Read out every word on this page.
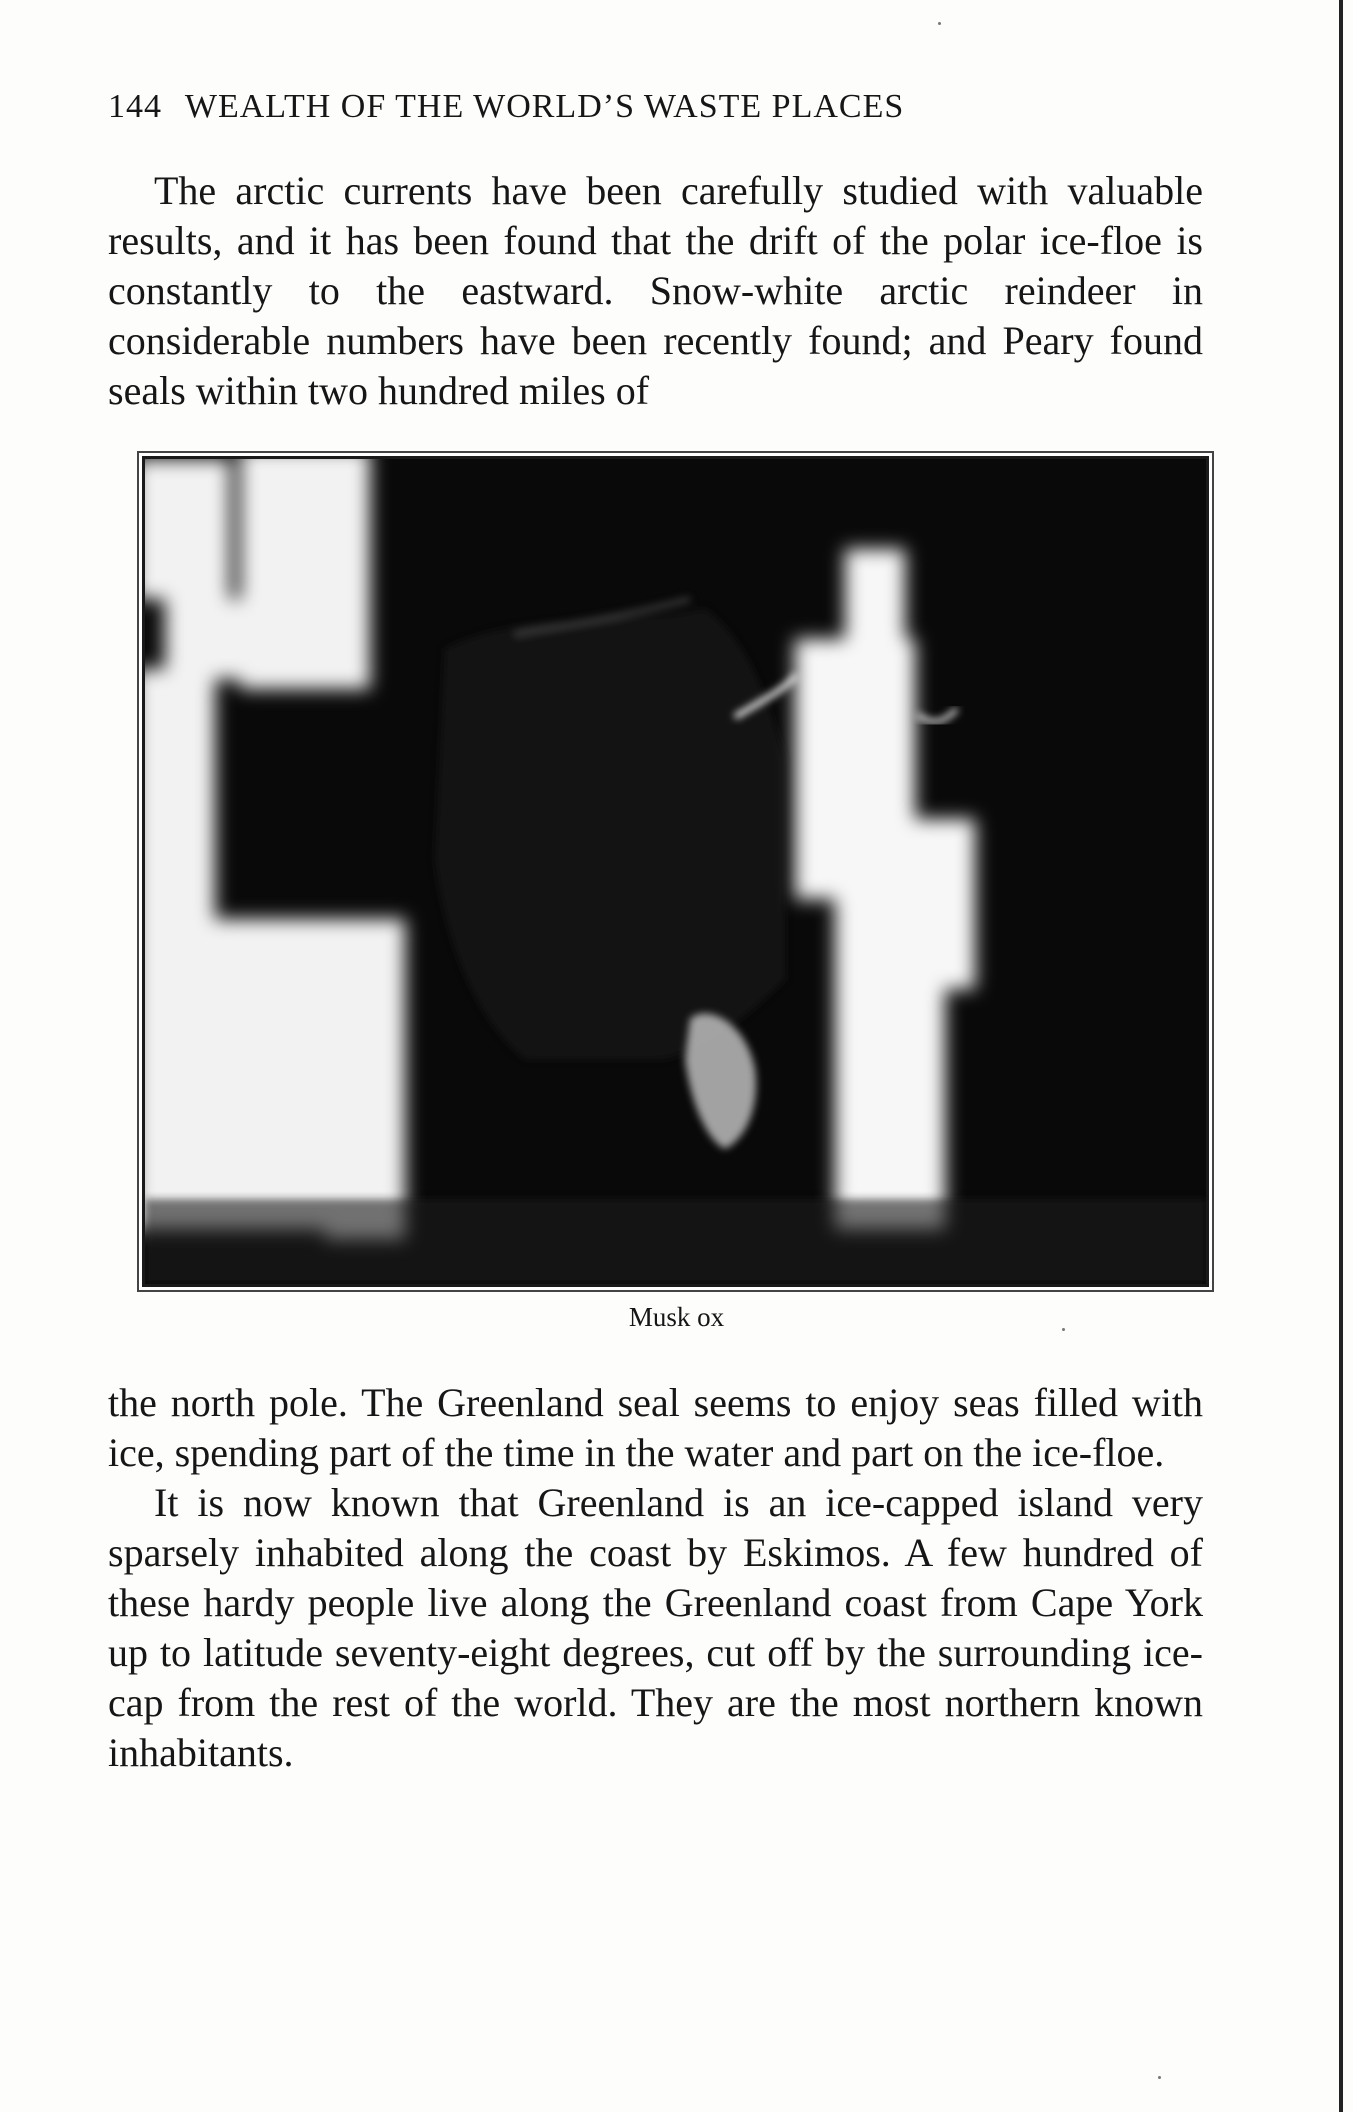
144 WEALTH OF THE WORLD’S WASTE PLACES

The arctic currents have been carefully studied with valuable results, and it has been found that the drift of the polar ice-floe is constantly to the eastward. Snow-white arctic reindeer in considerable numbers have been recently found; and Peary found seals within two hundred miles of

Musk ox

the north pole. The Greenland seal seems to enjoy seas filled with ice, spending part of the time in the water and part on the ice-floe.

It is now known that Greenland is an ice-capped island very sparsely inhabited along the coast by Eskimos. A few hundred of these hardy people live along the Greenland coast from Cape York up to latitude seventy-eight degrees, cut off by the surrounding ice-cap from the rest of the world. They are the most northern known inhabitants.
